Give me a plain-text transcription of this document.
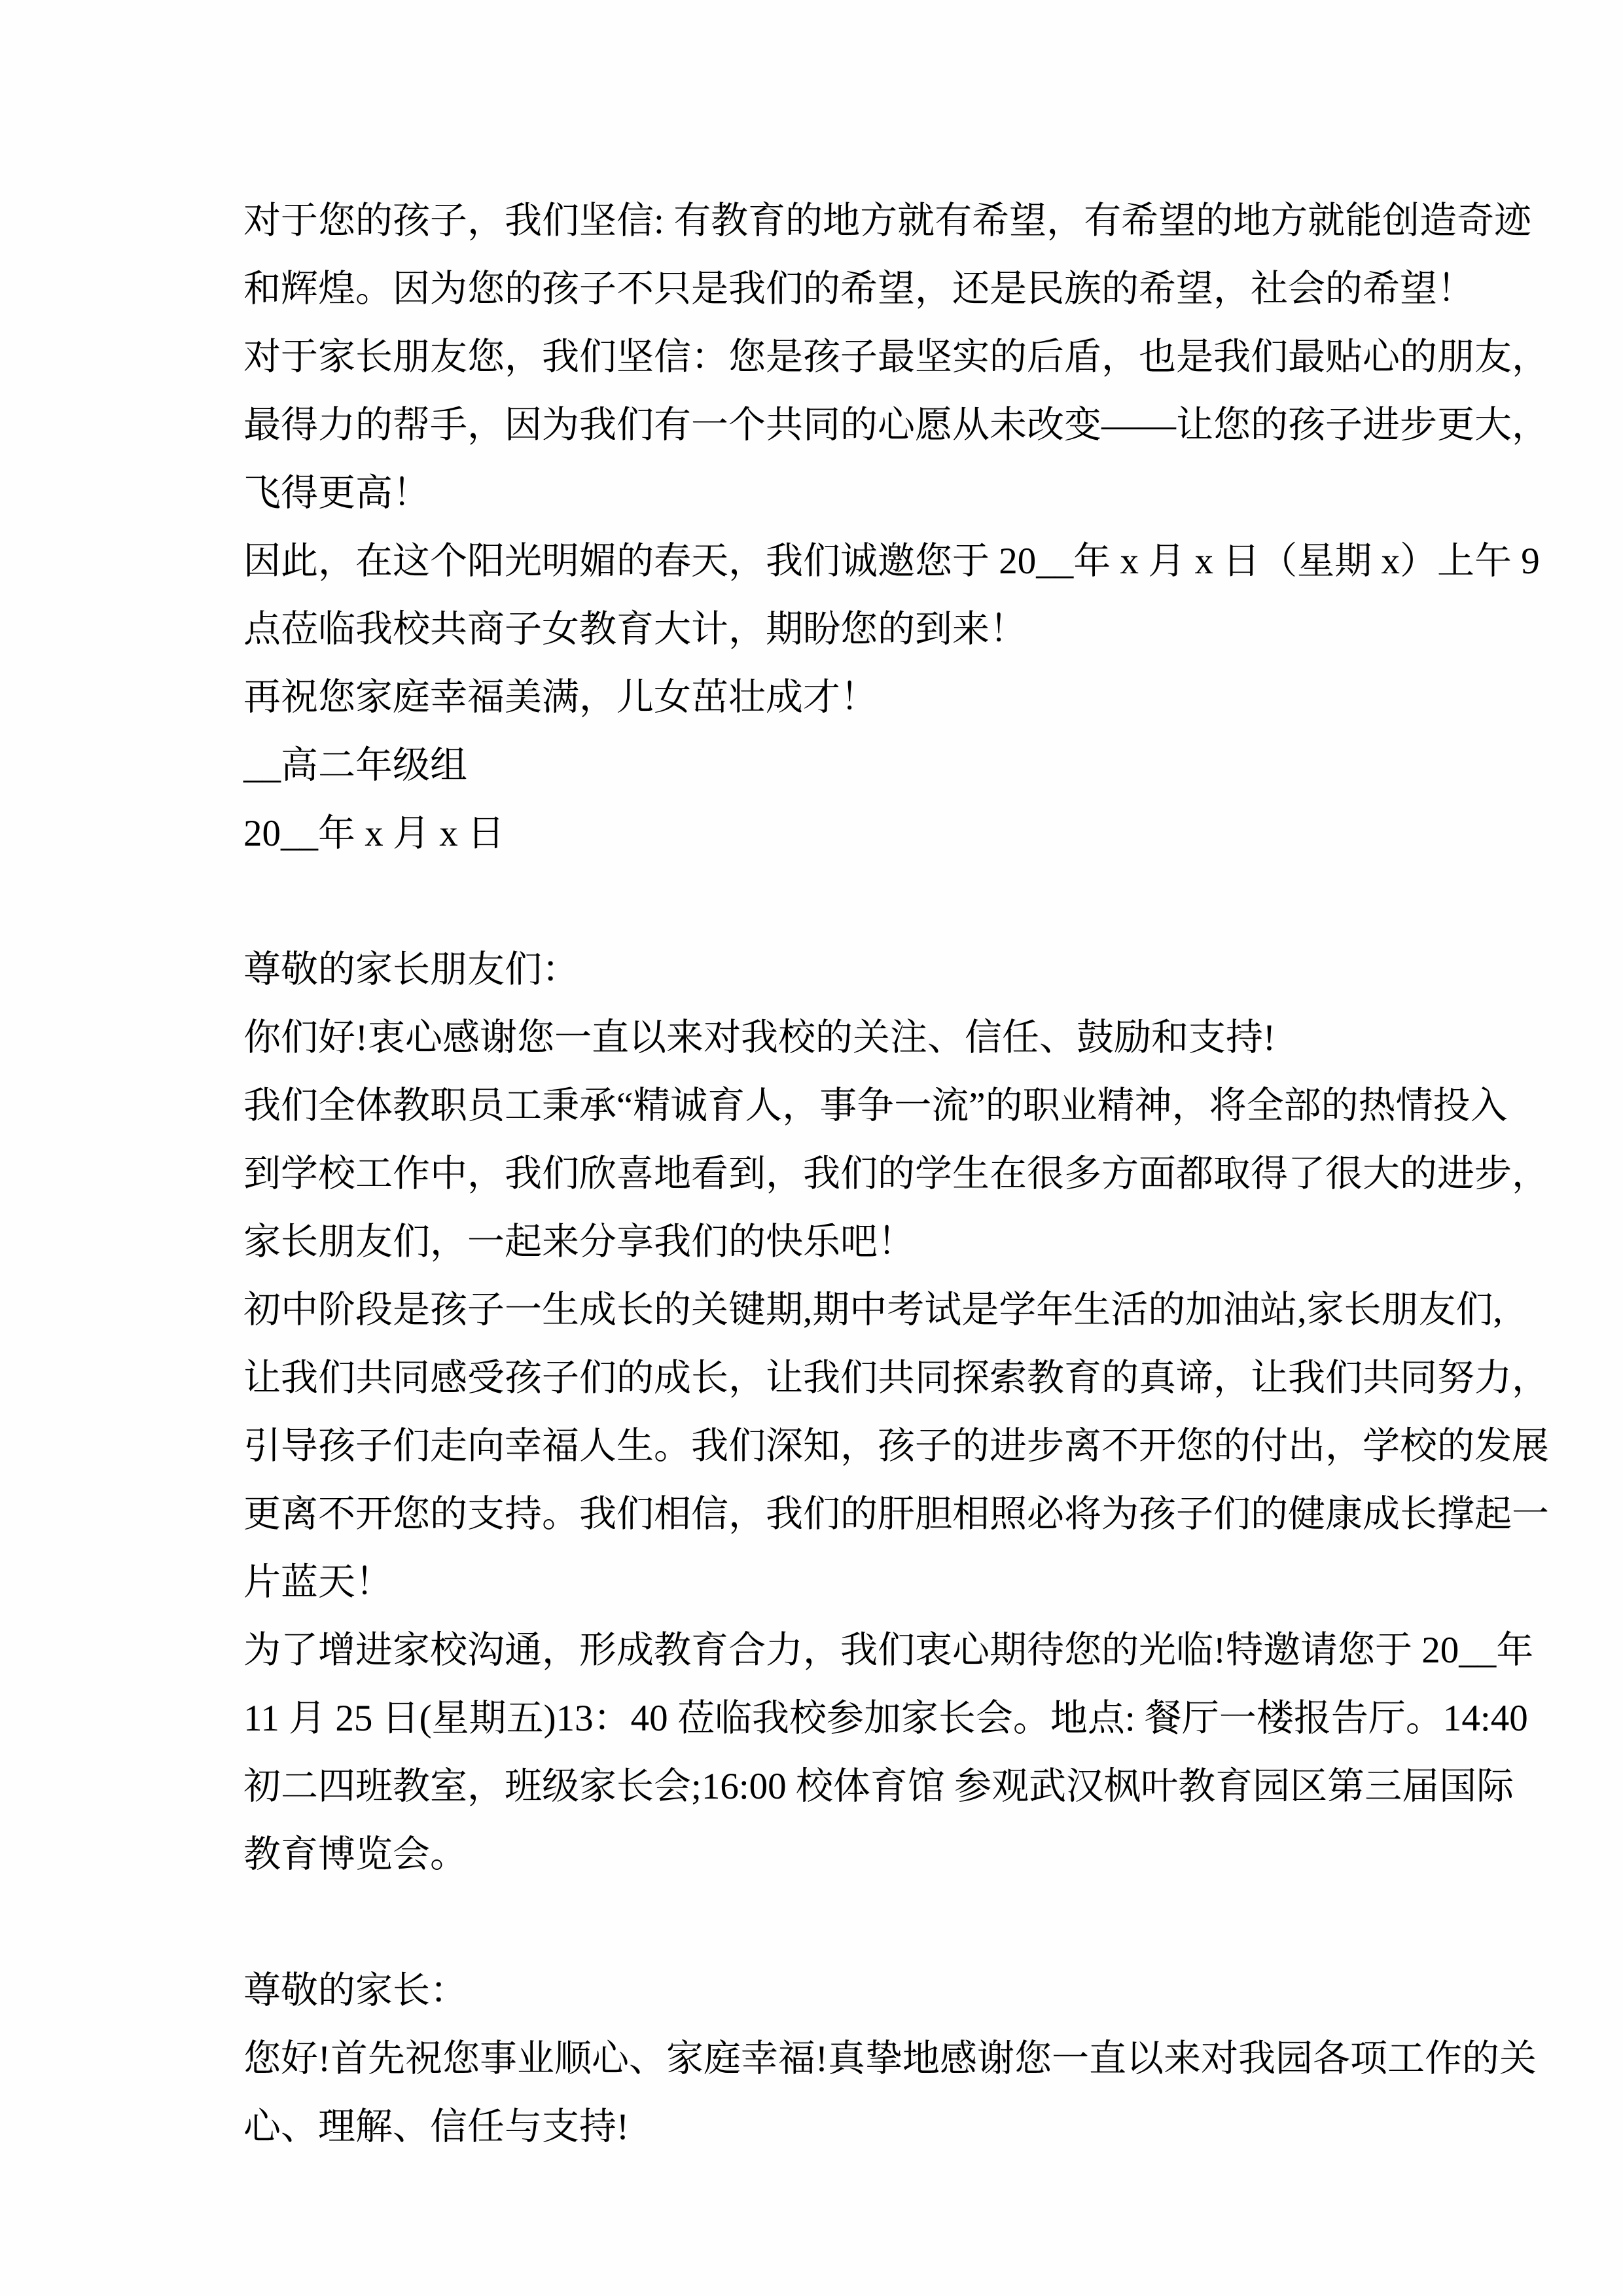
对于您的孩子，我们坚信: 有教育的地方就有希望，有希望的地方就能创造奇迹
和辉煌。因为您的孩子不只是我们的希望，还是民族的希望，社会的希望！
对于家长朋友您，我们坚信：您是孩子最坚实的后盾，也是我们最贴心的朋友，
最得力的帮手，因为我们有一个共同的心愿从未改变——让您的孩子进步更大，
飞得更高！
因此，在这个阳光明媚的春天，我们诚邀您于 20__年 x 月 x 日（星期 x）上午 9
点莅临我校共商子女教育大计，期盼您的到来！
再祝您家庭幸福美满，儿女茁壮成才！
__高二年级组
20__年 x 月 x 日
尊敬的家长朋友们：
你们好!衷心感谢您一直以来对我校的关注、信任、鼓励和支持!
我们全体教职员工秉承“精诚育人，事争一流”的职业精神，将全部的热情投入
到学校工作中，我们欣喜地看到，我们的学生在很多方面都取得了很大的进步，
家长朋友们，一起来分享我们的快乐吧！
初中阶段是孩子一生成长的关键期,期中考试是学年生活的加油站,家长朋友们,
让我们共同感受孩子们的成长，让我们共同探索教育的真谛，让我们共同努力，
引导孩子们走向幸福人生。我们深知，孩子的进步离不开您的付出，学校的发展
更离不开您的支持。我们相信，我们的肝胆相照必将为孩子们的健康成长撑起一
片蓝天！
为了增进家校沟通，形成教育合力，我们衷心期待您的光临!特邀请您于 20__年
11 月 25 日(星期五)13：40 莅临我校参加家长会。地点: 餐厅一楼报告厅。14:40
初二四班教室，班级家长会;16:00 校体育馆 参观武汉枫叶教育园区第三届国际
教育博览会。
尊敬的家长：
您好!首先祝您事业顺心、家庭幸福!真挚地感谢您一直以来对我园各项工作的关
心、理解、信任与支持!
